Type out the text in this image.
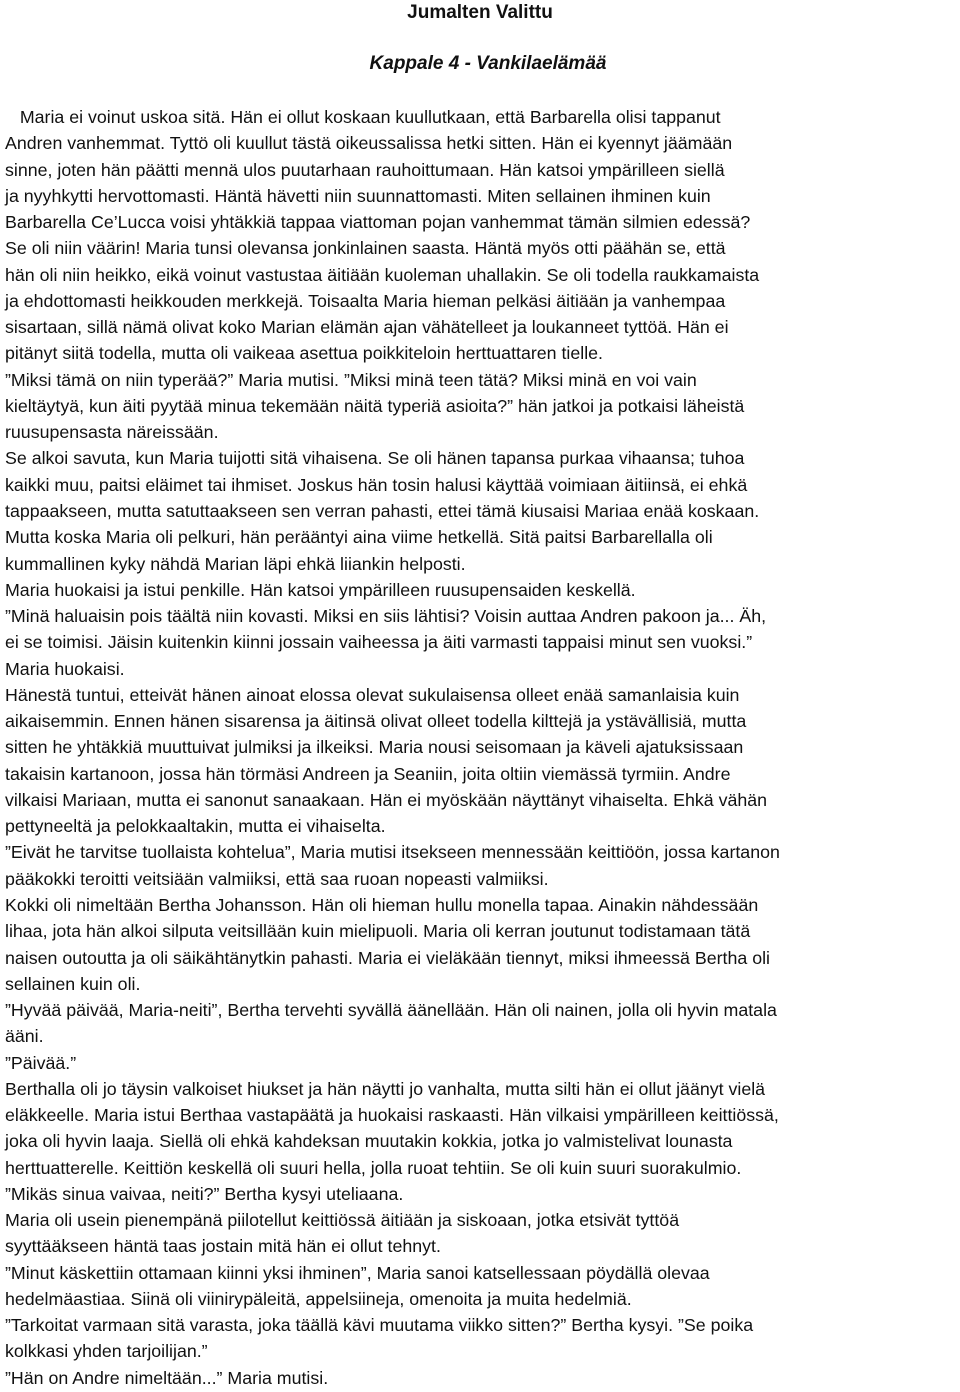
Jumalten Valittu
Kappale 4 - Vankilaelämää
Maria ei voinut uskoa sitä. Hän ei ollut koskaan kuullutkaan, että Barbarella olisi tappanut
Andren vanhemmat. Tyttö oli kuullut tästä oikeussalissa hetki sitten. Hän ei kyennyt jäämään
sinne, joten hän päätti mennä ulos puutarhaan rauhoittumaan. Hän katsoi ympärilleen siellä
ja nyyhkytti hervottomasti. Häntä hävetti niin suunnattomasti. Miten sellainen ihminen kuin
Barbarella Ce’Lucca voisi yhtäkkiä tappaa viattoman pojan vanhemmat tämän silmien edessä?
Se oli niin väärin! Maria tunsi olevansa jonkinlainen saasta. Häntä myös otti päähän se, että
hän oli niin heikko, eikä voinut vastustaa äitiään kuoleman uhallakin. Se oli todella raukkamaista
ja ehdottomasti heikkouden merkkejä. Toisaalta Maria hieman pelkäsi äitiään ja vanhempaa
sisartaan, sillä nämä olivat koko Marian elämän ajan vähätelleet ja loukanneet tyttöä. Hän ei
pitänyt siitä todella, mutta oli vaikeaa asettua poikkiteloin herttuattaren tielle.
”Miksi tämä on niin typerää?” Maria mutisi. ”Miksi minä teen tätä? Miksi minä en voi vain
kieltäytyä, kun äiti pyytää minua tekemään näitä typeriä asioita?” hän jatkoi ja potkaisi läheistä
ruusupensasta näreissään.
Se alkoi savuta, kun Maria tuijotti sitä vihaisena. Se oli hänen tapansa purkaa vihaansa; tuhoa
kaikki muu, paitsi eläimet tai ihmiset. Joskus hän tosin halusi käyttää voimiaan äitiinsä, ei ehkä
tappaakseen, mutta satuttaakseen sen verran pahasti, ettei tämä kiusaisi Mariaa enää koskaan.
Mutta koska Maria oli pelkuri, hän perääntyi aina viime hetkellä. Sitä paitsi Barbarellalla oli
kummallinen kyky nähdä Marian läpi ehkä liiankin helposti.
Maria huokaisi ja istui penkille. Hän katsoi ympärilleen ruusupensaiden keskellä.
”Minä haluaisin pois täältä niin kovasti. Miksi en siis lähtisi? Voisin auttaa Andren pakoon ja... Äh,
ei se toimisi. Jäisin kuitenkin kiinni jossain vaiheessa ja äiti varmasti tappaisi minut sen vuoksi.”
Maria huokaisi.
Hänestä tuntui, etteivät hänen ainoat elossa olevat sukulaisensa olleet enää samanlaisia kuin
aikaisemmin. Ennen hänen sisarensa ja äitinsä olivat olleet todella kilttejä ja ystävällisiä, mutta
sitten he yhtäkkiä muuttuivat julmiksi ja ilkeiksi. Maria nousi seisomaan ja käveli ajatuksissaan
takaisin kartanoon, jossa hän törmäsi Andreen ja Seaniin, joita oltiin viemässä tyrmiin. Andre
vilkaisi Mariaan, mutta ei sanonut sanaakaan. Hän ei myöskään näyttänyt vihaiselta. Ehkä vähän
pettyneeltä ja pelokkaaltakin, mutta ei vihaiselta.
”Eivät he tarvitse tuollaista kohtelua”, Maria mutisi itsekseen mennessään keittiöön, jossa kartanon
pääkokki teroitti veitsiään valmiiksi, että saa ruoan nopeasti valmiiksi.
Kokki oli nimeltään Bertha Johansson. Hän oli hieman hullu monella tapaa. Ainakin nähdessään
lihaa, jota hän alkoi silputa veitsillään kuin mielipuoli. Maria oli kerran joutunut todistamaan tätä
naisen outoutta ja oli säikähtänytkin pahasti. Maria ei vieläkään tiennyt, miksi ihmeessä Bertha oli
sellainen kuin oli.
”Hyvää päivää, Maria-neiti”, Bertha tervehti syvällä äänellään. Hän oli nainen, jolla oli hyvin matala
ääni.
”Päivää.”
Berthalla oli jo täysin valkoiset hiukset ja hän näytti jo vanhalta, mutta silti hän ei ollut jäänyt vielä
eläkkeelle. Maria istui Berthaa vastapäätä ja huokaisi raskaasti. Hän vilkaisi ympärilleen keittiössä,
joka oli hyvin laaja. Siellä oli ehkä kahdeksan muutakin kokkia, jotka jo valmistelivat lounasta
herttuatterelle. Keittiön keskellä oli suuri hella, jolla ruoat tehtiin. Se oli kuin suuri suorakulmio.
”Mikäs sinua vaivaa, neiti?” Bertha kysyi uteliaana.
Maria oli usein pienempänä piilotellut keittiössä äitiään ja siskoaan, jotka etsivät tyttöä
syyttääkseen häntä taas jostain mitä hän ei ollut tehnyt.
”Minut käskettiin ottamaan kiinni yksi ihminen”, Maria sanoi katsellessaan pöydällä olevaa
hedelmäastiaa. Siinä oli viinirypäleitä, appelsiineja, omenoita ja muita hedelmiä.
”Tarkoitat varmaan sitä varasta, joka täällä kävi muutama viikko sitten?” Bertha kysyi. ”Se poika
kolkkasi yhden tarjoilijan.”
”Hän on Andre nimeltään...” Maria mutisi.
